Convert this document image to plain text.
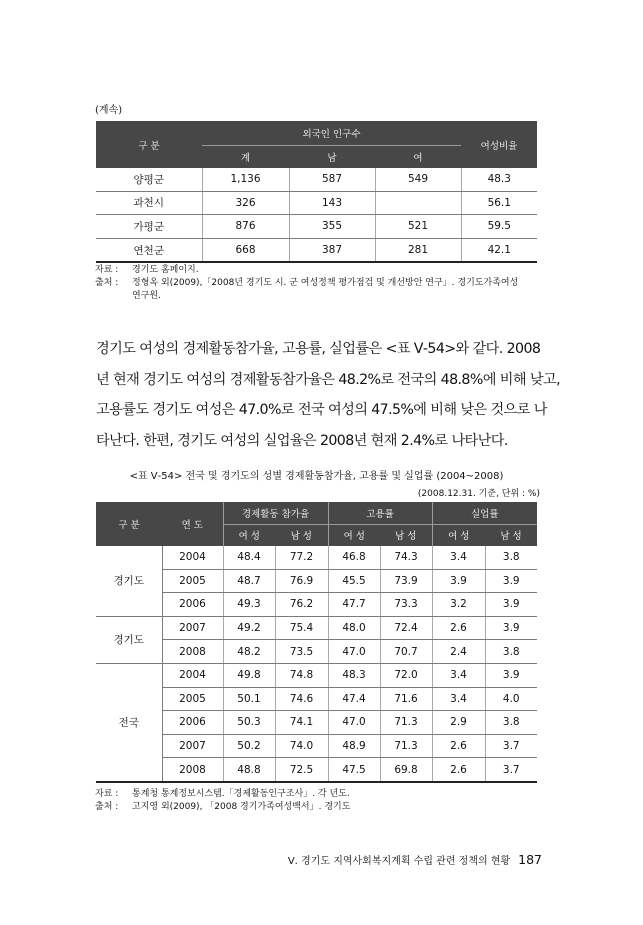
(계속)
구 분	외국인 인구수			여성비율
	계	남	여	
양평군	1,136	587	549	48.3
과천시	326	143		56.1
가평군	876	355	521	59.5
연천군	668	387	281	42.1
자료 :	경기도 홈페이지.
출처 :	정형옥 외(2009),「2008년 경기도 시. 군 여성정책 평가점검 및 개선방안 연구」. 경기도가족여성
연구원.
경기도 여성의 경제활동참가율, 고용률, 실업률은 <표 Ⅴ-54>와 같다. 2008
년 현재 경기도 여성의 경제활동참가율은 48.2%로 전국의 48.8%에 비해 낮고,
고용률도 경기도 여성은 47.0%로 전국 여성의 47.5%에 비해 낮은 것으로 나
타난다. 한편, 경기도 여성의 실업율은 2008년 현재 2.4%로 나타난다.
<표 Ⅴ-54> 전국 및 경기도의 성별 경제활동참가율, 고용률 및 실업률 (2004~2008)
(2008.12.31. 기준, 단위 : %)
구 분	연 도	경제활동 참가율		고용률		실업률	
		여 성	남 성	여 성	남 성	여 성	남 성
경기도	2004	48.4	77.2	46.8	74.3	3.4	3.8
	2005	48.7	76.9	45.5	73.9	3.9	3.9
	2006	49.3	76.2	47.7	73.3	3.2	3.9
경기도	2007	49.2	75.4	48.0	72.4	2.6	3.9
	2008	48.2	73.5	47.0	70.7	2.4	3.8
전국	2004	49.8	74.8	48.3	72.0	3.4	3.9
	2005	50.1	74.6	47.4	71.6	3.4	4.0
	2006	50.3	74.1	47.0	71.3	2.9	3.8
	2007	50.2	74.0	48.9	71.3	2.6	3.7
	2008	48.8	72.5	47.5	69.8	2.6	3.7
자료 :	통계청 통계정보시스템.「경제활동인구조사」. 각 년도.
출처 :	고지영 외(2009), 「2008 경기가족여성백서」. 경기도
Ⅴ. 경기도 지역사회복지계획 수립 관련 정책의 현황 187
